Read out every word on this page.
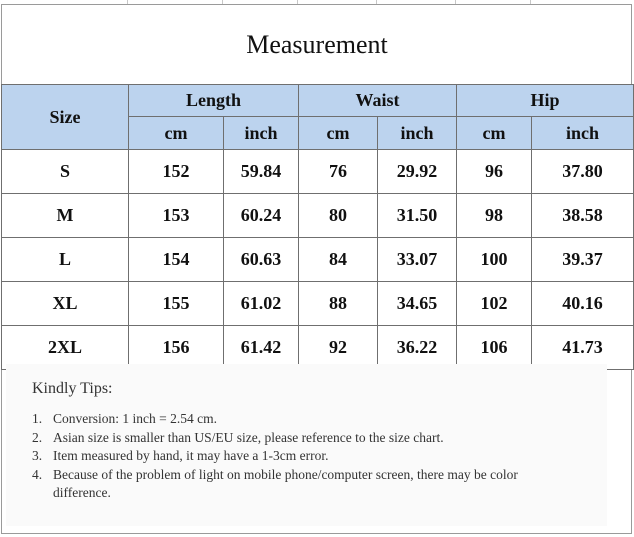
Measurement
Size	Length		Waist		Hip	
	cm	inch	cm	inch	cm	inch
S	152	59.84	76	29.92	96	37.80
M	153	60.24	80	31.50	98	38.58
L	154	60.63	84	33.07	100	39.37
XL	155	61.02	88	34.65	102	40.16
2XL	156	61.42	92	36.22	106	41.73
Kindly Tips:
1. Conversion: 1 inch = 2.54 cm.
2. Asian size is smaller than US/EU size, please reference to the size chart.
3. Item measured by hand, it may have a 1-3cm error.
4. Because of the problem of light on mobile phone/computer screen, there may be color difference.
